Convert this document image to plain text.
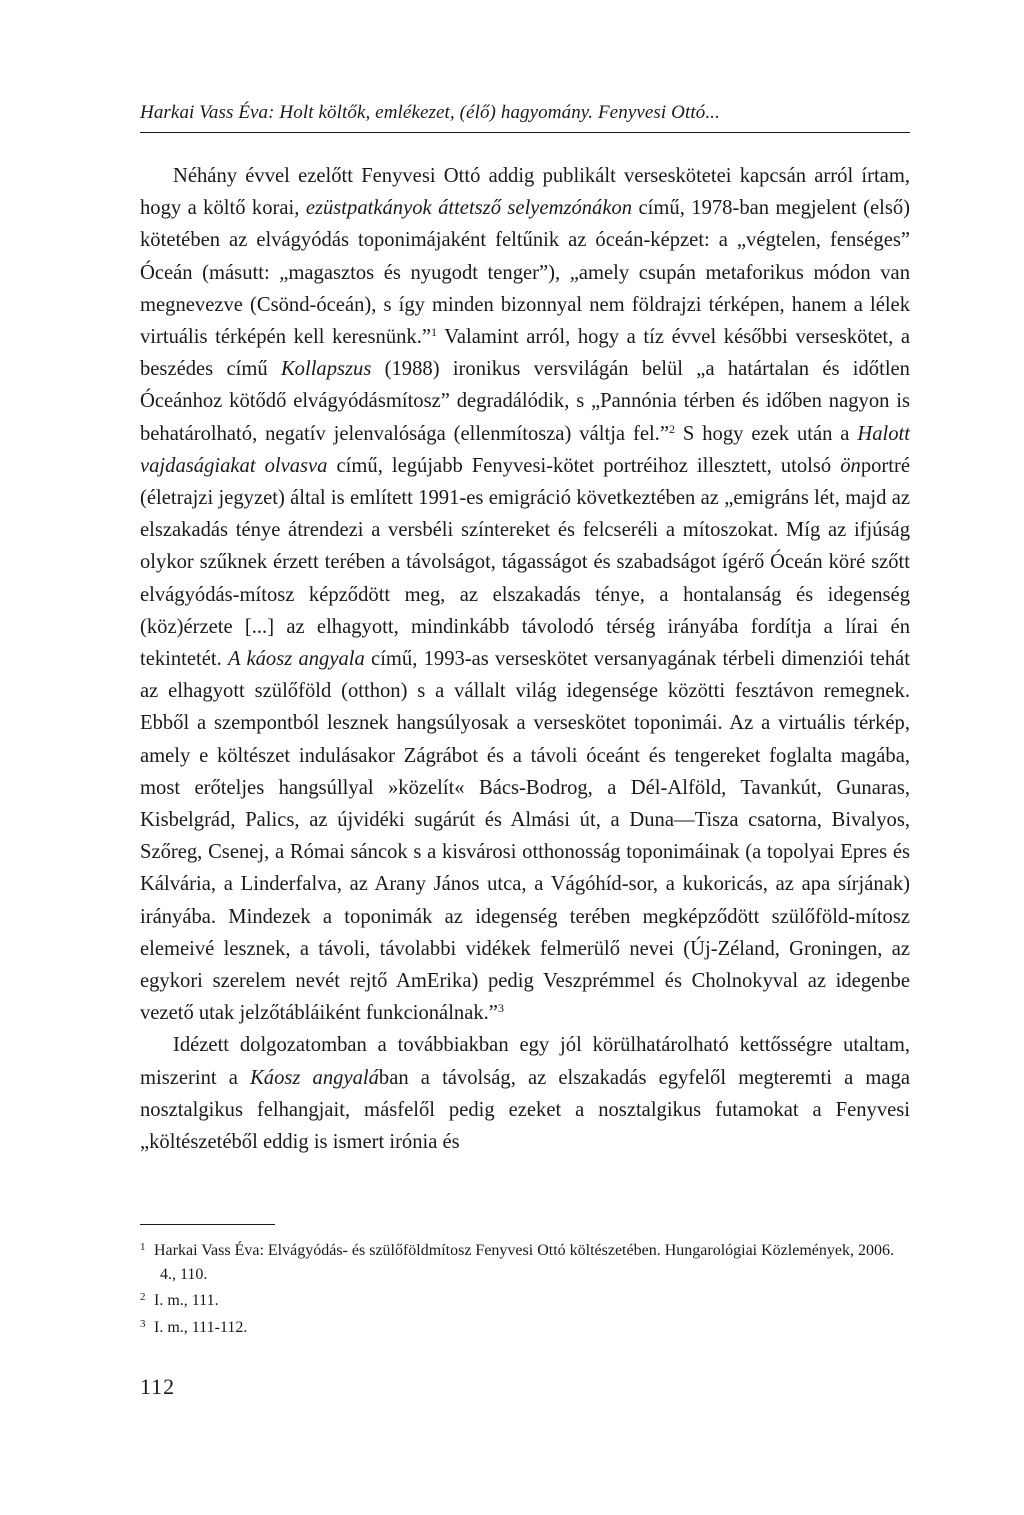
Harkai Vass Éva: Holt költők, emlékezet, (élő) hagyomány. Fenyvesi Ottó...

Néhány évvel ezelőtt Fenyvesi Ottó addig publikált verseskötetei kapcsán arról írtam, hogy a költő korai, ezüstpatkányok áttetsző selyemzónákon című, 1978-ban megjelent (első) kötetében az elvágyódás toponimájaként feltűnik az óceán-képzet: a „végtelen, fenséges” Óceán (másutt: „magasztos és nyugodt tenger”), „amely csupán metaforikus módon van megnevezve (Csönd-óceán), s így minden bizonnyal nem földrajzi térképen, hanem a lélek virtuális térképén kell keresnünk.”$^1$ Valamint arról, hogy a tíz évvel későbbi verseskötet, a beszédes című Kollapszus (1988) ironikus versvilágán belül „a határtalan és időtlen Óceánhoz kötődő elvágyódásmítosz” degradálódik, s „Pannónia térben és időben nagyon is behatárolható, negatív jelenvalósága (ellenmítosza) váltja fel.”$^2$ S hogy ezek után a Halott vajdaságiakat olvasva című, legújabb Fenyvesi-kötet portréihoz illesztett, utolsó önportré (életrajzi jegyzet) által is említett 1991-es emigráció következtében az „emigráns lét, majd az elszakadás ténye átrendezi a versbéli színtereket és felcseréli a mítoszokat. Míg az ifjúság olykor szűknek érzett terében a távolságot, tágasságot és szabadságot ígérő Óceán köré szőtt elvágyódás-mítosz képződött meg, az elszakadás ténye, a hontalanság és idegenség (köz)érzete [...] az elhagyott, mindinkább távolodó térség irányába fordítja a lírai én tekintetét. A káosz angyala című, 1993-as verseskötet versanyagának térbeli dimenziói tehát az elhagyott szülőföld (otthon) s a vállalt világ idegensége közötti fesztávon remegnek. Ebből a szempontból lesznek hangsúlyosak a verseskötet toponimái. Az a virtuális térkép, amely e költészet indulásakor Zágrábot és a távoli óceánt és tengereket foglalta magába, most erőteljes hangsúllyal »közelít« Bács-Bodrog, a Dél-Alföld, Tavankút, Gunaras, Kisbelgrád, Palics, az újvidéki sugárút és Almási út, a Duna—Tisza csatorna, Bivalyos, Szőreg, Csenej, a Római sáncok s a kisvárosi otthonosság toponimáinak (a topolyai Epres és Kálvária, a Linderfalva, az Arany János utca, a Vágóhíd-sor, a kukoricás, az apa sírjának) irányába. Mindezek a toponimák az idegenség terében megképződött szülőföld-mítosz elemeivé lesznek, a távoli, távolabbi vidékek felmerülő nevei (Új-Zéland, Groningen, az egykori szerelem nevét rejtő AmErika) pedig Veszprémmel és Cholnokyval az idegenbe vezető utak jelzőtábláiként funkcionálnak.”$^3$

Idézett dolgozatomban a továbbiakban egy jól körülhatárolható kettősségre utaltam, miszerint a Káosz angyalában a távolság, az elszakadás egyfelől megteremti a maga nosztalgikus felhangjait, másfelől pedig ezeket a nosztalgikus futamokat a Fenyvesi „költészetéből eddig is ismert irónia és

$^1$ Harkai Vass Éva: Elvágyódás- és szülőföldmítosz Fenyvesi Ottó költészetében. Hungarológiai Közlemények, 2006. 4., 110.

$^2$ I. m., 111.

$^3$ I. m., 111-112.

112
